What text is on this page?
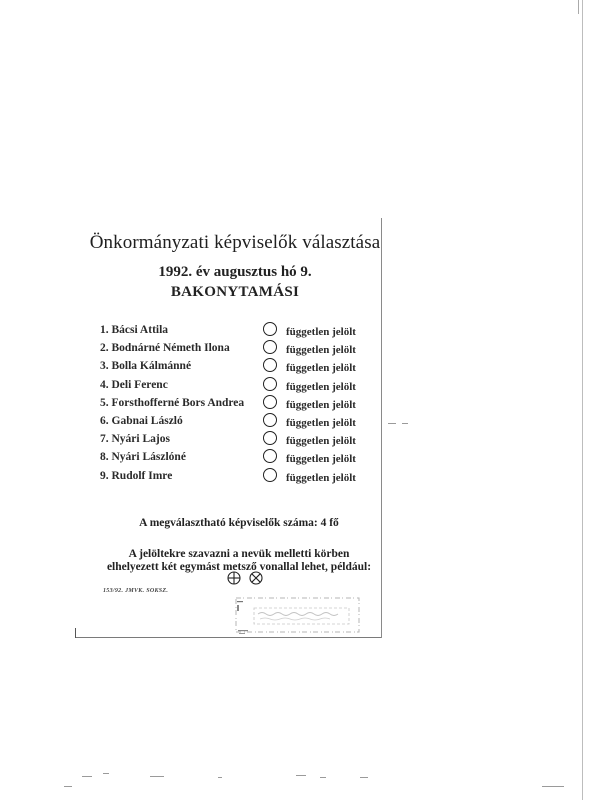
Önkormányzati képviselők választása
1992. év augusztus hó 9.
BAKONYTAMÁSI
1. Bácsi Attila	független jelölt
2. Bodnárné Németh Ilona	független jelölt
3. Bolla Kálmánné	független jelölt
4. Deli Ferenc	független jelölt
5. Forsthofferné Bors Andrea	független jelölt
6. Gabnai László	független jelölt
7. Nyári Lajos	független jelölt
8. Nyári Lászlóné	független jelölt
9. Rudolf Imre	független jelölt
A megválasztható képviselők száma: 4 fő
A jelöltekre szavazni a nevük melletti körben
elhelyezett két egymást metsző vonallal lehet, például:
153/92. JMVK. SOKSZ.
